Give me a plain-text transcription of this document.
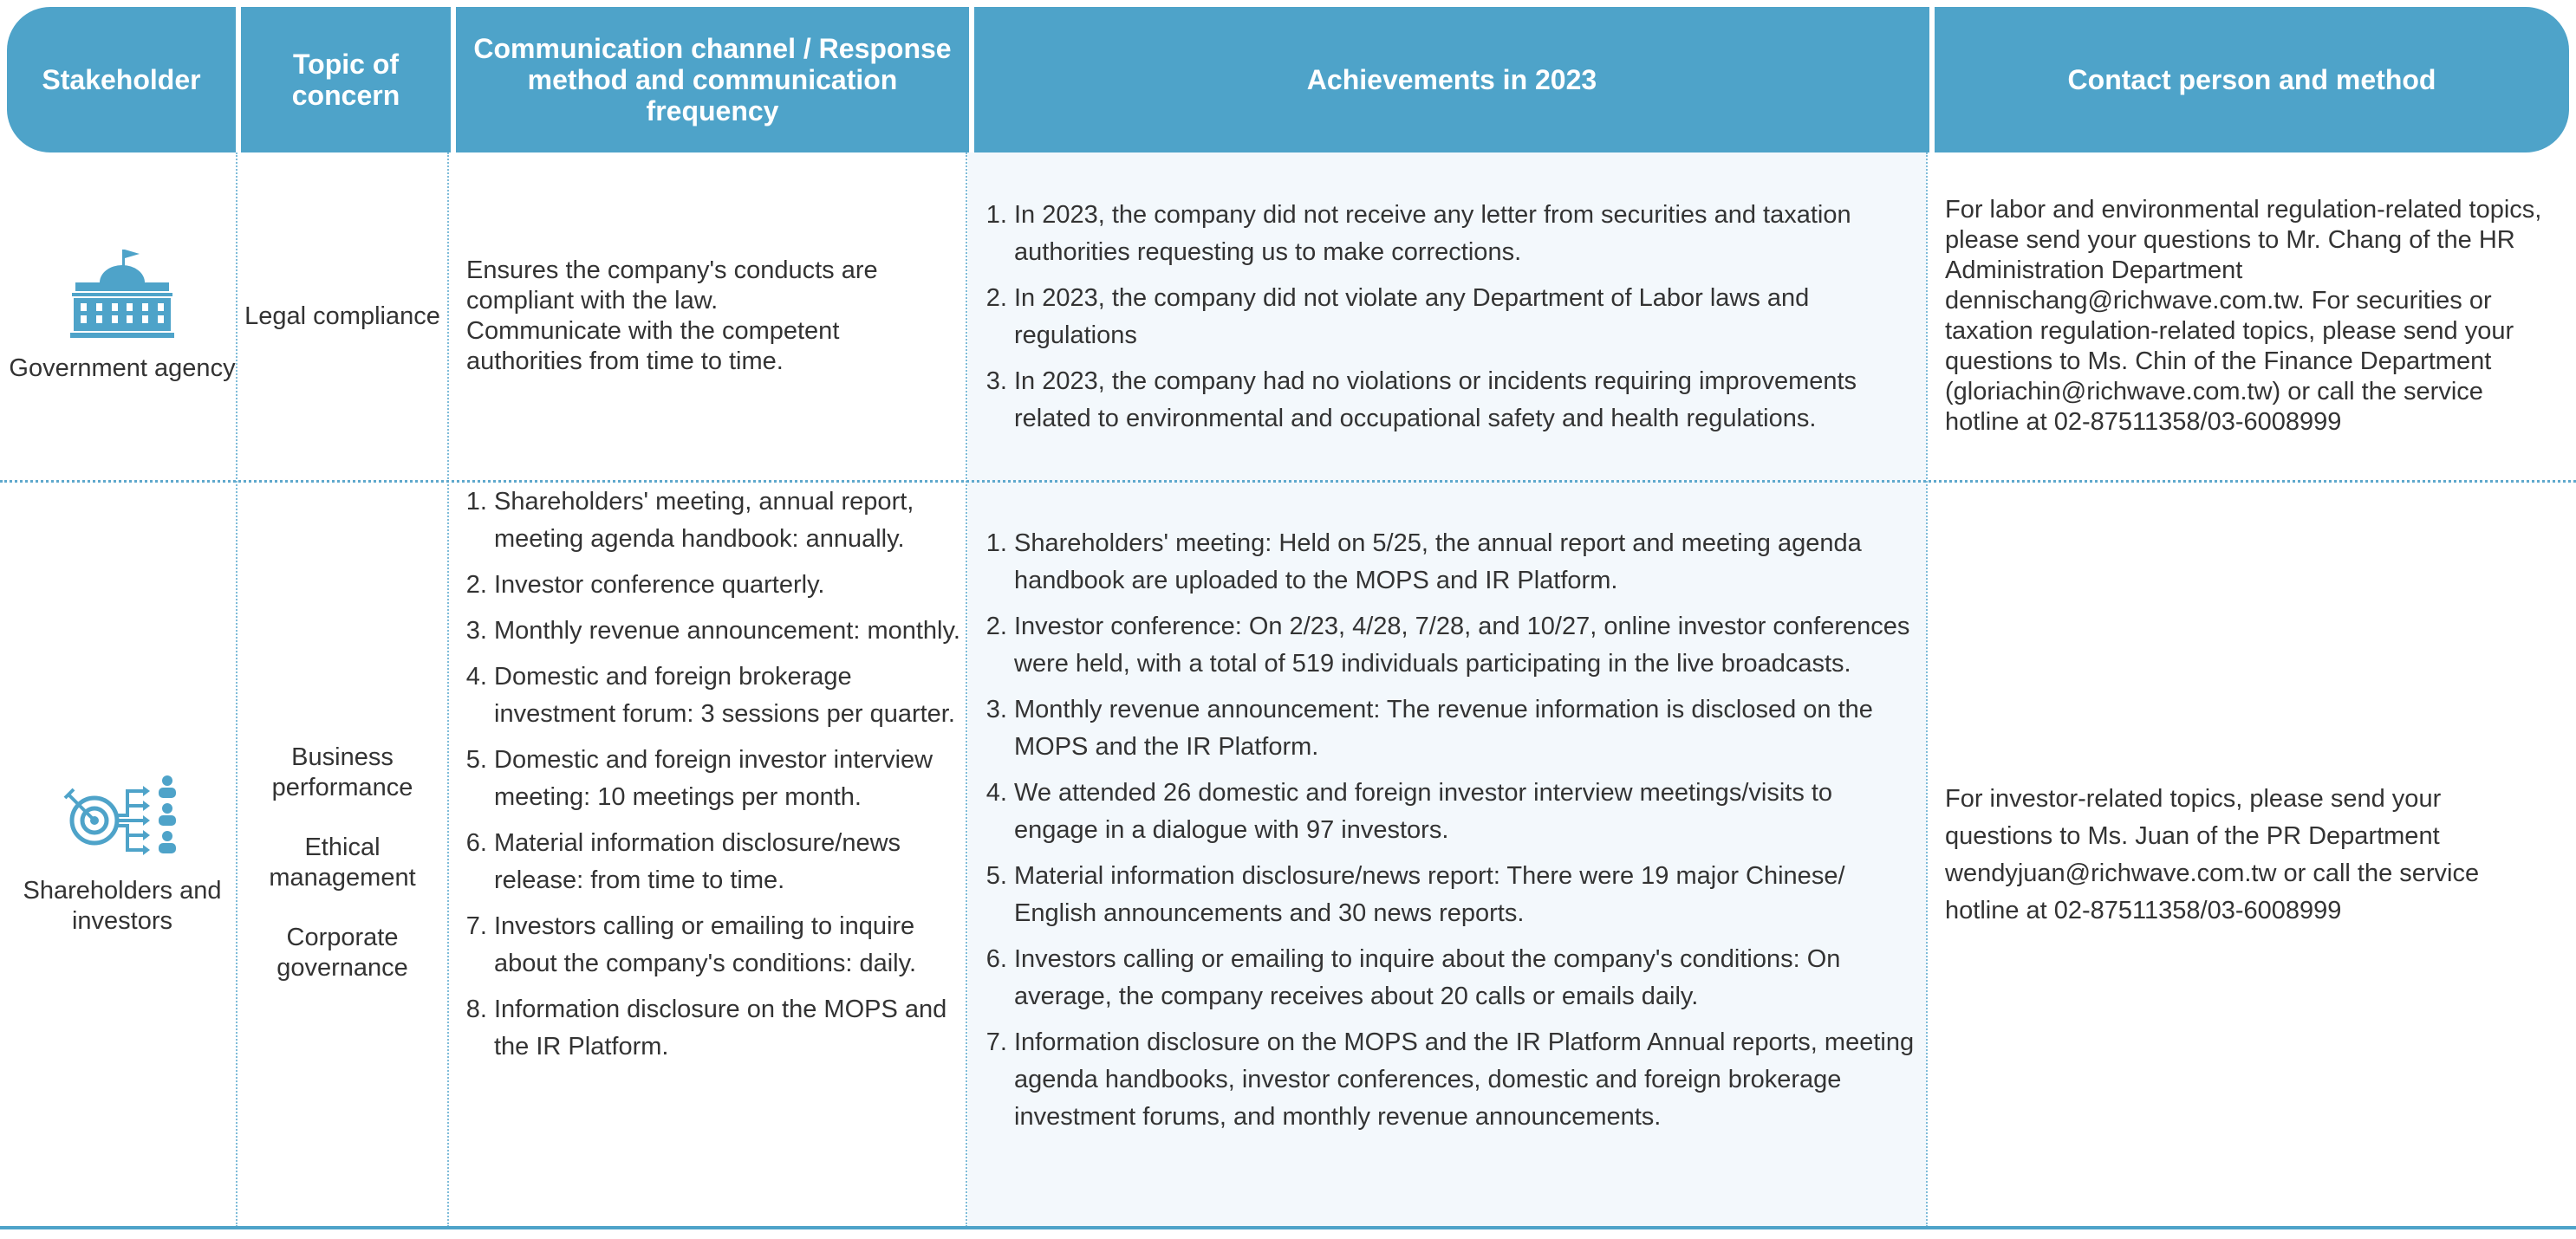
Stakeholder	Topic of concern
Communication channel / Response method and communication frequency
Achievements in 2023	Contact person and method
Government agency

Legal compliance

Ensures the company's conducts are compliant with the law.

Communicate with the competent authorities from time to time.

1. In 2023, the company did not receive any letter from securities and taxation authorities requesting us to make corrections.
2. In 2023, the company did not violate any Department of Labor laws and regulations
3. In 2023, the company had no violations or incidents requiring improvements related to environmental and occupational safety and health regulations.

For labor and environmental regulation-related topics, please send your questions to Mr. Chang of the HR Administration Department dennischang@richwave.com.tw. For securities or taxation regulation-related topics, please send your questions to Ms. Chin of the Finance Department (gloriachin@richwave.com.tw) or call the service hotline at 02-87511358/03-6008999

Shareholders and investors

Business performance

Ethical management

Corporate governance

1. Shareholders' meeting, annual report, meeting agenda handbook: annually.
2. Investor conference quarterly.
3. Monthly revenue announcement: monthly.
4. Domestic and foreign brokerage investment forum: 3 sessions per quarter.
5. Domestic and foreign investor interview meeting: 10 meetings per month.
6. Material information disclosure/news release: from time to time.
7. Investors calling or emailing to inquire about the company's conditions: daily.
8. Information disclosure on the MOPS and the IR Platform.
1. Shareholders' meeting: Held on 5/25, the annual report and meeting agenda handbook are uploaded to the MOPS and IR Platform.
2. Investor conference: On 2/23, 4/28, 7/28, and 10/27, online investor conferences were held, with a total of 519 individuals participating in the live broadcasts.
3. Monthly revenue announcement: The revenue information is disclosed on the MOPS and the IR Platform.
4. We attended 26 domestic and foreign investor interview meetings/visits to engage in a dialogue with 97 investors.
5. Material information disclosure/news report: There were 19 major Chinese/ English announcements and 30 news reports.
6. Investors calling or emailing to inquire about the company's conditions: On average, the company receives about 20 calls or emails daily.
7. Information disclosure on the MOPS and the IR Platform Annual reports, meeting agenda handbooks, investor conferences, domestic and foreign brokerage investment forums, and monthly revenue announcements.

For investor-related topics, please send your questions to Ms. Juan of the PR Department wendyjuan@richwave.com.tw or call the service hotline at 02-87511358/03-6008999
